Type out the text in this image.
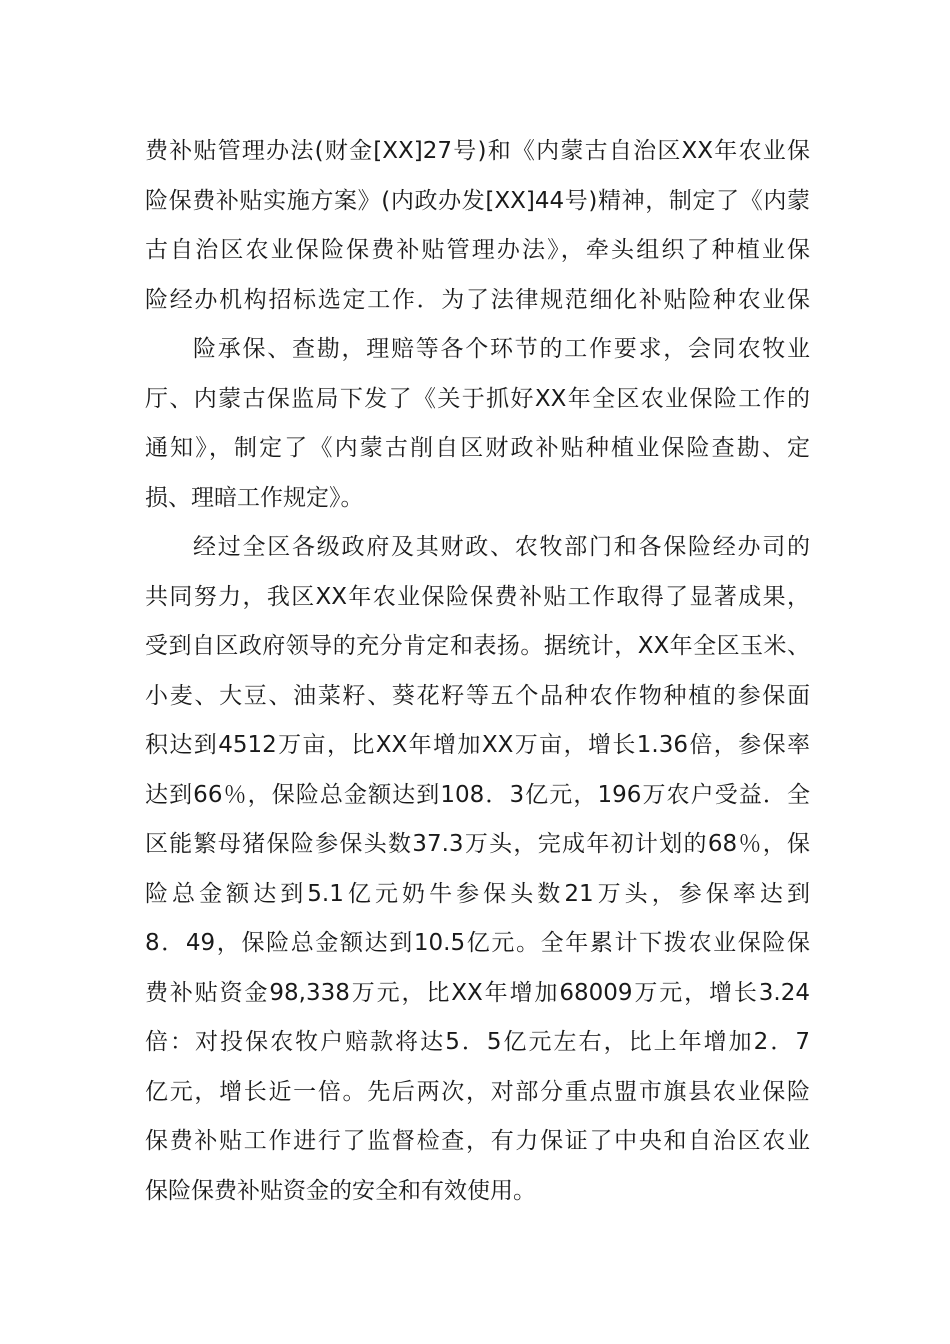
费补贴管理办法(财金[XX]27号)和《内蒙古自治区XX年农业保
险保费补贴实施方案》(内政办发[XX]44号)精神，制定了《内蒙
古自治区农业保险保费补贴管理办法》，牵头组织了种植业保
险经办机构招标选定工作．为了法律规范细化补贴险种农业保
险承保、查勘，理赔等各个环节的工作要求，会同农牧业
厅、内蒙古保监局下发了《关于抓好XX年全区农业保险工作的
通知》，制定了《内蒙古削自区财政补贴种植业保险查勘、定
损、理暗工作规定》。
经过全区各级政府及其财政、农牧部门和各保险经办司的
共同努力，我区XX年农业保险保费补贴工作取得了显著成果，
受到自区政府领导的充分肯定和表扬。据统计，XX年全区玉米、
小麦、大豆、油菜籽、葵花籽等五个品种农作物种植的参保面
积达到4512万亩，比XX年增加XX万亩，增长1.36倍，参保率
达到66％，保险总金额达到108．3亿元，196万农户受益．全
区能繁母猪保险参保头数37.3万头，完成年初计划的68％，保
险总金额达到5.1亿元奶牛参保头数21万头，参保率达到
8．49，保险总金额达到10.5亿元。全年累计下拨农业保险保
费补贴资金98,338万元，比XX年增加68009万元，增长3.24
倍：对投保农牧户赔款将达5．5亿元左右，比上年增加2．7
亿元，增长近一倍。先后两次，对部分重点盟市旗县农业保险
保费补贴工作进行了监督检查，有力保证了中央和自治区农业
保险保费补贴资金的安全和有效使用。
